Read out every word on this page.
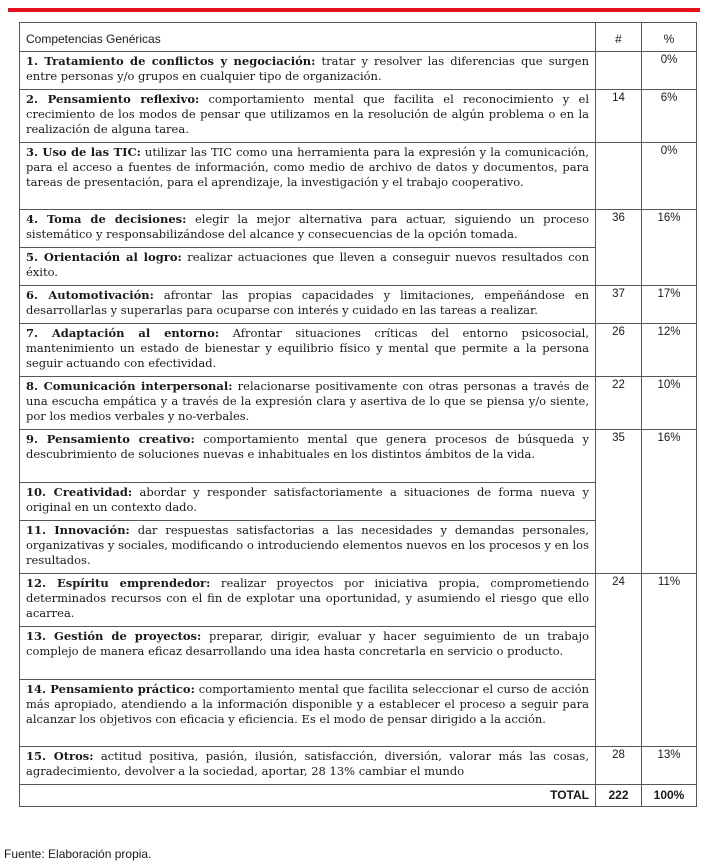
Competencias Genéricas	#	%
1. Tratamiento de conflictos y negociación: tratar y resolver las diferencias que surgen entre personas y/o grupos en cualquier tipo de organización.		0%
2. Pensamiento reflexivo: comportamiento mental que facilita el reconocimiento y el crecimiento de los modos de pensar que utilizamos en la resolución de algún problema o en la realización de alguna tarea.	14	6%
3. Uso de las TIC: utilizar las TIC como una herramienta para la expresión y la comunicación, para el acceso a fuentes de información, como medio de archivo de datos y documentos, para tareas de presentación, para el aprendizaje, la investigación y el trabajo cooperativo.		0%
4. Toma de decisiones: elegir la mejor alternativa para actuar, siguiendo un proceso sistemático y responsabilizándose del alcance y consecuencias de la opción tomada.	36	16%
5. Orientación al logro: realizar actuaciones que lleven a conseguir nuevos resultados con éxito.		
6. Automotivación: afrontar las propias capacidades y limitaciones, empeñándose en desarrollarlas y superarlas para ocuparse con interés y cuidado en las tareas a realizar.	37	17%
7. Adaptación al entorno: Afrontar situaciones críticas del entorno psicosocial, mantenimiento un estado de bienestar y equilibrio físico y mental que permite a la persona seguir actuando con efectividad.	26	12%
8. Comunicación interpersonal: relacionarse positivamente con otras personas a través de una escucha empática y a través de la expresión clara y asertiva de lo que se piensa y/o siente, por los medios verbales y no-verbales.	22	10%
9. Pensamiento creativo: comportamiento mental que genera procesos de búsqueda y descubrimiento de soluciones nuevas e inhabituales en los distintos ámbitos de la vida.	35	16%
10. Creatividad: abordar y responder satisfactoriamente a situaciones de forma nueva y original en un contexto dado.		
11. Innovación: dar respuestas satisfactorias a las necesidades y demandas personales, organizativas y sociales, modificando o introduciendo elementos nuevos en los procesos y en los resultados.		
12. Espíritu emprendedor: realizar proyectos por iniciativa propia, comprometiendo determinados recursos con el fin de explotar una oportunidad, y asumiendo el riesgo que ello acarrea.	24	11%
13. Gestión de proyectos: preparar, dirigir, evaluar y hacer seguimiento de un trabajo complejo de manera eficaz desarrollando una idea hasta concretarla en servicio o producto.		
14. Pensamiento práctico: comportamiento mental que facilita seleccionar el curso de acción más apropiado, atendiendo a la información disponible y a establecer el proceso a seguir para alcanzar los objetivos con eficacia y eficiencia. Es el modo de pensar dirigido a la acción.		
15. Otros: actitud positiva, pasión, ilusión, satisfacción, diversión, valorar más las cosas, agradecimiento, devolver a la sociedad, aportar, 28 13% cambiar el mundo	28	13%
TOTAL	222	100%
Fuente: Elaboración propia.
